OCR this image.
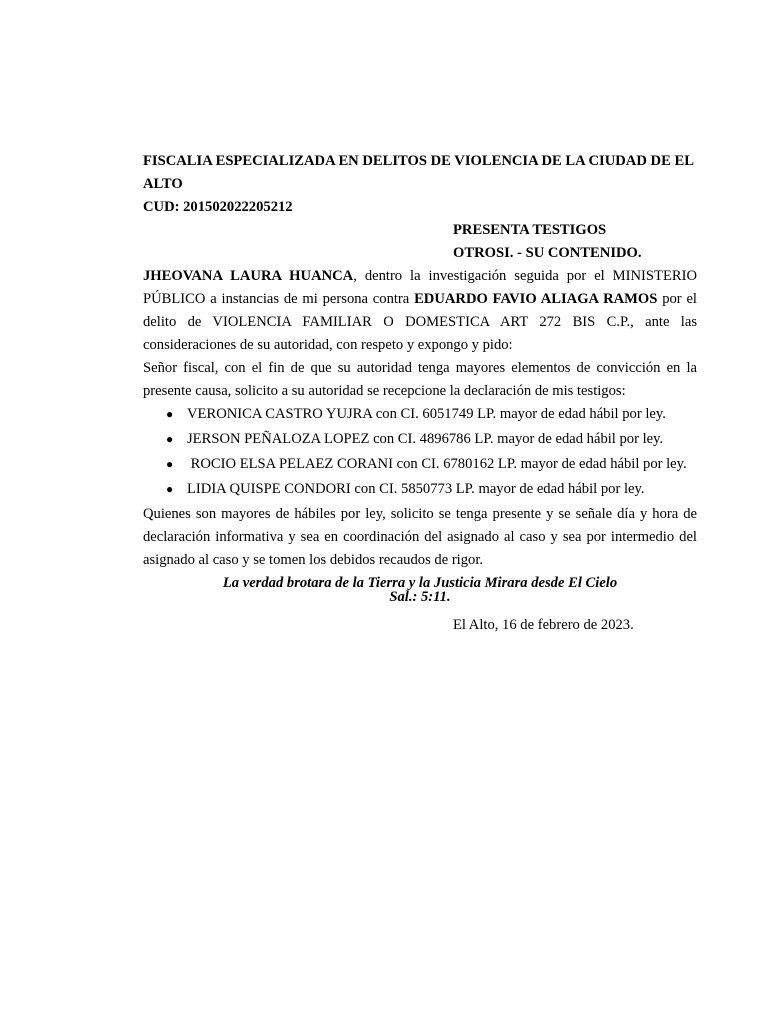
FISCALIA ESPECIALIZADA EN DELITOS DE VIOLENCIA DE LA CIUDAD DE EL ALTO

CUD: 201502022205212

PRESENTA TESTIGOS
OTROSI. - SU CONTENIDO.

JHEOVANA LAURA HUANCA, dentro la investigación seguida por el MINISTERIO PÚBLICO a instancias de mi persona contra EDUARDO FAVIO ALIAGA RAMOS por el delito de VIOLENCIA FAMILIAR O DOMESTICA ART 272 BIS C.P., ante las consideraciones de su autoridad, con respeto y expongo y pido:

Señor fiscal, con el fin de que su autoridad tenga mayores elementos de convicción en la presente causa, solicito a su autoridad se recepcione la declaración de mis testigos:

● VERONICA CASTRO YUJRA con CI. 6051749 LP. mayor de edad hábil por ley.
● JERSON PEÑALOZA LOPEZ con CI. 4896786 LP. mayor de edad hábil por ley.
● ROCIO ELSA PELAEZ CORANI con CI. 6780162 LP. mayor de edad hábil por ley.
● LIDIA QUISPE CONDORI con CI. 5850773 LP. mayor de edad hábil por ley.

Quienes son mayores de hábiles por ley, solicito se tenga presente y se señale día y hora de declaración informativa y sea en coordinación del asignado al caso y sea por intermedio del asignado al caso y se tomen los debidos recaudos de rigor.

La verdad brotara de la Tierra y la Justicia Mirara desde El Cielo
Sal.: 5:11.
El Alto, 16 de febrero de 2023.
